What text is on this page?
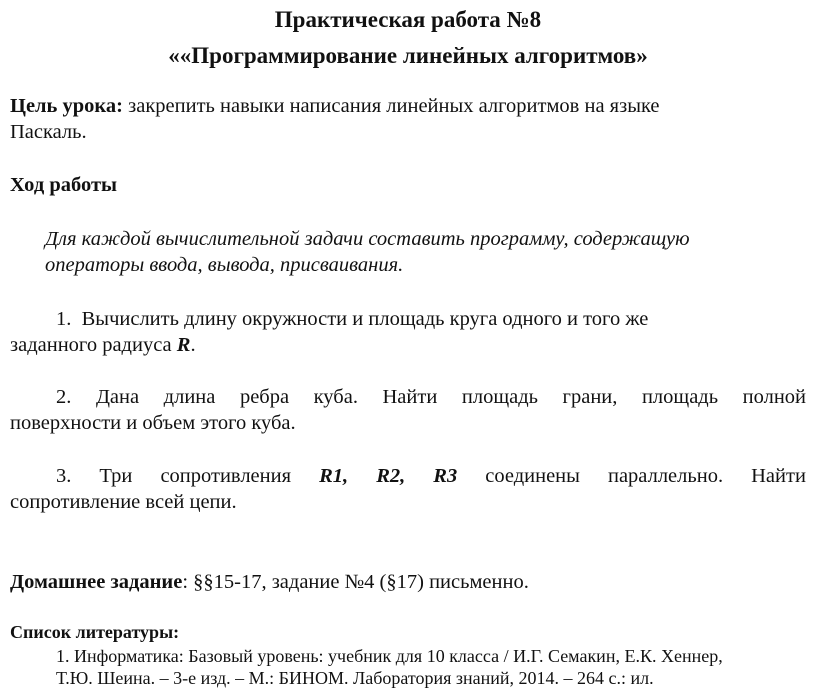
Практическая работа №8
««Программирование линейных алгоритмов»
Цель урока: закрепить навыки написания линейных алгоритмов на языке
Паскаль.
Ход работы
Для каждой вычислительной задачи составить программу, содержащую
операторы ввода, вывода, присваивания.
1. Вычислить длину окружности и площадь круга одного и того же
заданного радиуса R.
2. Дана длина ребра куба. Найти площадь грани, площадь полной
поверхности и объем этого куба.
3. Три сопротивления R1, R2, R3 соединены параллельно. Найти
сопротивление всей цепи.
Домашнее задание: §§15-17, задание №4 (§17) письменно.
Список литературы:
1. Информатика: Базовый уровень: учебник для 10 класса / И.Г. Семакин, Е.К. Хеннер,
Т.Ю. Шеина. – 3-е изд. – М.: БИНОМ. Лаборатория знаний, 2014. – 264 с.: ил.
